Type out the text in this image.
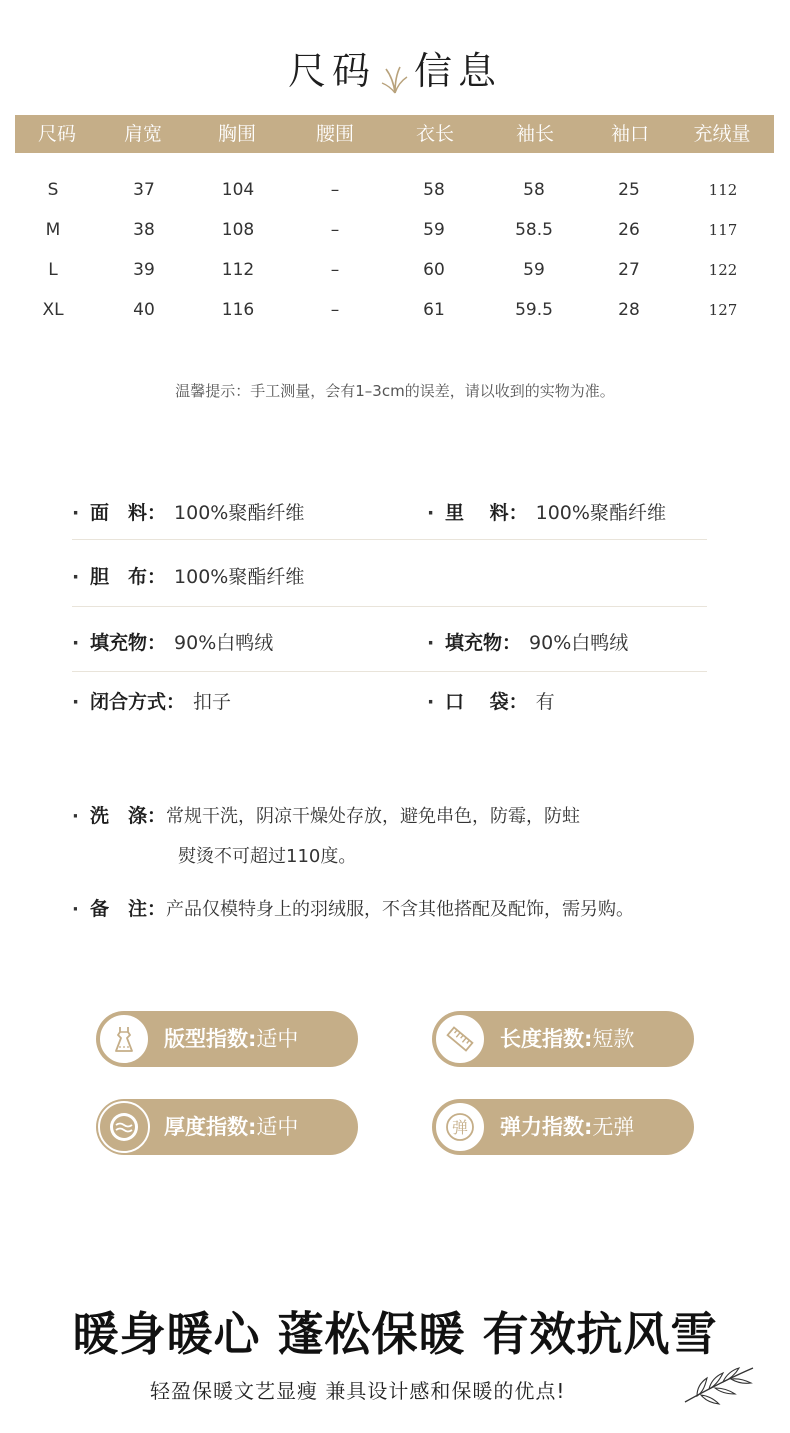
尺码 信息
尺码	肩宽	胸围	腰围	衣长	袖长	袖口 充绒量
S	37	104	–	58	58	25	112
M	38	108	–	59	58.5	26	117
L	39	112	–	60	59	27	122
XL	40	116	–	61	59.5	28	127
温馨提示：手工测量，会有1–3cm的误差，请以收到的实物为准。
· 面　料： 100%聚酯纤维	· 里　 料： 100%聚酯纤维
· 胆　布： 100%聚酯纤维
· 填充物： 90%白鸭绒	· 填充物： 90%白鸭绒
· 闭合方式： 扣子	· 口　 袋： 有
· 洗　涤：常规干洗，阴凉干燥处存放，避免串色，防霉，防蛀
熨烫不可超过110度。
· 备　注：产品仅模特身上的羽绒服，不含其他搭配及配饰，需另购。
版型指数:适中	长度指数:短款
厚度指数:适中	弹 弹力指数:无弹
暖身暖心 蓬松保暖 有效抗风雪
轻盈保暖文艺显瘦 兼具设计感和保暖的优点!
